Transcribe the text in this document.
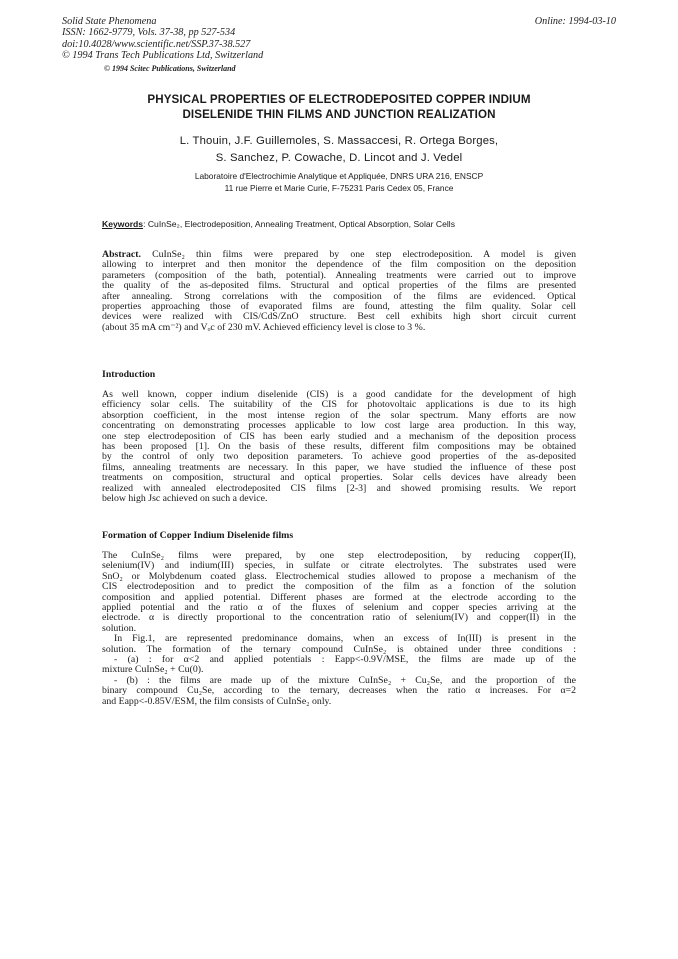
Solid State Phenomena
ISSN: 1662-9779, Vols. 37-38, pp 527-534
doi:10.4028/www.scientific.net/SSP.37-38.527
© 1994 Trans Tech Publications Ltd, Switzerland
© 1994 Scitec Publications, Switzerland
Online: 1994-03-10
PHYSICAL PROPERTIES OF ELECTRODEPOSITED COPPER INDIUM
DISELENIDE THIN FILMS AND JUNCTION REALIZATION
L. Thouin, J.F. Guillemoles, S. Massaccesi, R. Ortega Borges,
S. Sanchez, P. Cowache, D. Lincot and J. Vedel
Laboratoire d'Electrochimie Analytique et Appliquée, DNRS URA 216, ENSCP
11 rue Pierre et Marie Curie, F-75231 Paris Cedex 05, France
Keywords: CuInSe₂, Electrodeposition, Annealing Treatment, Optical Absorption, Solar Cells
Abstract. CuInSe₂ thin films were prepared by one step electrodeposition. A model is given
allowing to interpret and then monitor the dependence of the film composition on the deposition
parameters (composition of the bath, potential). Annealing treatments were carried out to improve
the quality of the as-deposited films. Structural and optical properties of the films are presented
after annealing. Strong correlations with the composition of the films are evidenced. Optical
properties approaching those of evaporated films are found, attesting the film quality. Solar cell
devices were realized with CIS/CdS/ZnO structure. Best cell exhibits high short circuit current
(about 35 mA cm⁻²) and Vₒc of 230 mV. Achieved efficiency level is close to 3 %.
Introduction
As well known, copper indium diselenide (CIS) is a good candidate for the development of high
efficiency solar cells. The suitability of the CIS for photovoltaic applications is due to its high
absorption coefficient, in the most intense region of the solar spectrum. Many efforts are now
concentrating on demonstrating processes applicable to low cost large area production. In this way,
one step electrodeposition of CIS has been early studied and a mechanism of the deposition process
has been proposed [1]. On the basis of these results, different film compositions may be obtained
by the control of only two deposition parameters. To achieve good properties of the as-deposited
films, annealing treatments are necessary. In this paper, we have studied the influence of these post
treatments on composition, structural and optical properties. Solar cells devices have already been
realized with annealed electrodeposited CIS films [2-3] and showed promising results. We report
below high Jsc achieved on such a device.
Formation of Copper Indium Diselenide films
The CuInSe₂ films were prepared, by one step electrodeposition, by reducing copper(II),
selenium(IV) and indium(III) species, in sulfate or citrate electrolytes. The substrates used were
SnO₂ or Molybdenum coated glass. Electrochemical studies allowed to propose a mechanism of the
CIS electrodeposition and to predict the composition of the film as a fonction of the solution
composition and applied potential. Different phases are formed at the electrode according to the
applied potential and the ratio α of the fluxes of selenium and copper species arriving at the
electrode. α is directly proportional to the concentration ratio of selenium(IV) and copper(II) in the
solution.
In Fig.1, are represented predominance domains, when an excess of In(III) is present in the
solution. The formation of the ternary compound CuInSe₂ is obtained under three conditions :
- (a) : for α<2 and applied potentials : Eapp<-0.9V/MSE, the films are made up of the
mixture CuInSe₂ + Cu(0).
- (b) : the films are made up of the mixture CuInSe₂ + Cu₂Se, and the proportion of the
binary compound Cu₂Se, according to the ternary, decreases when the ratio α increases. For α=2
and Eapp<-0.85V/ESM, the film consists of CuInSe₂ only.
